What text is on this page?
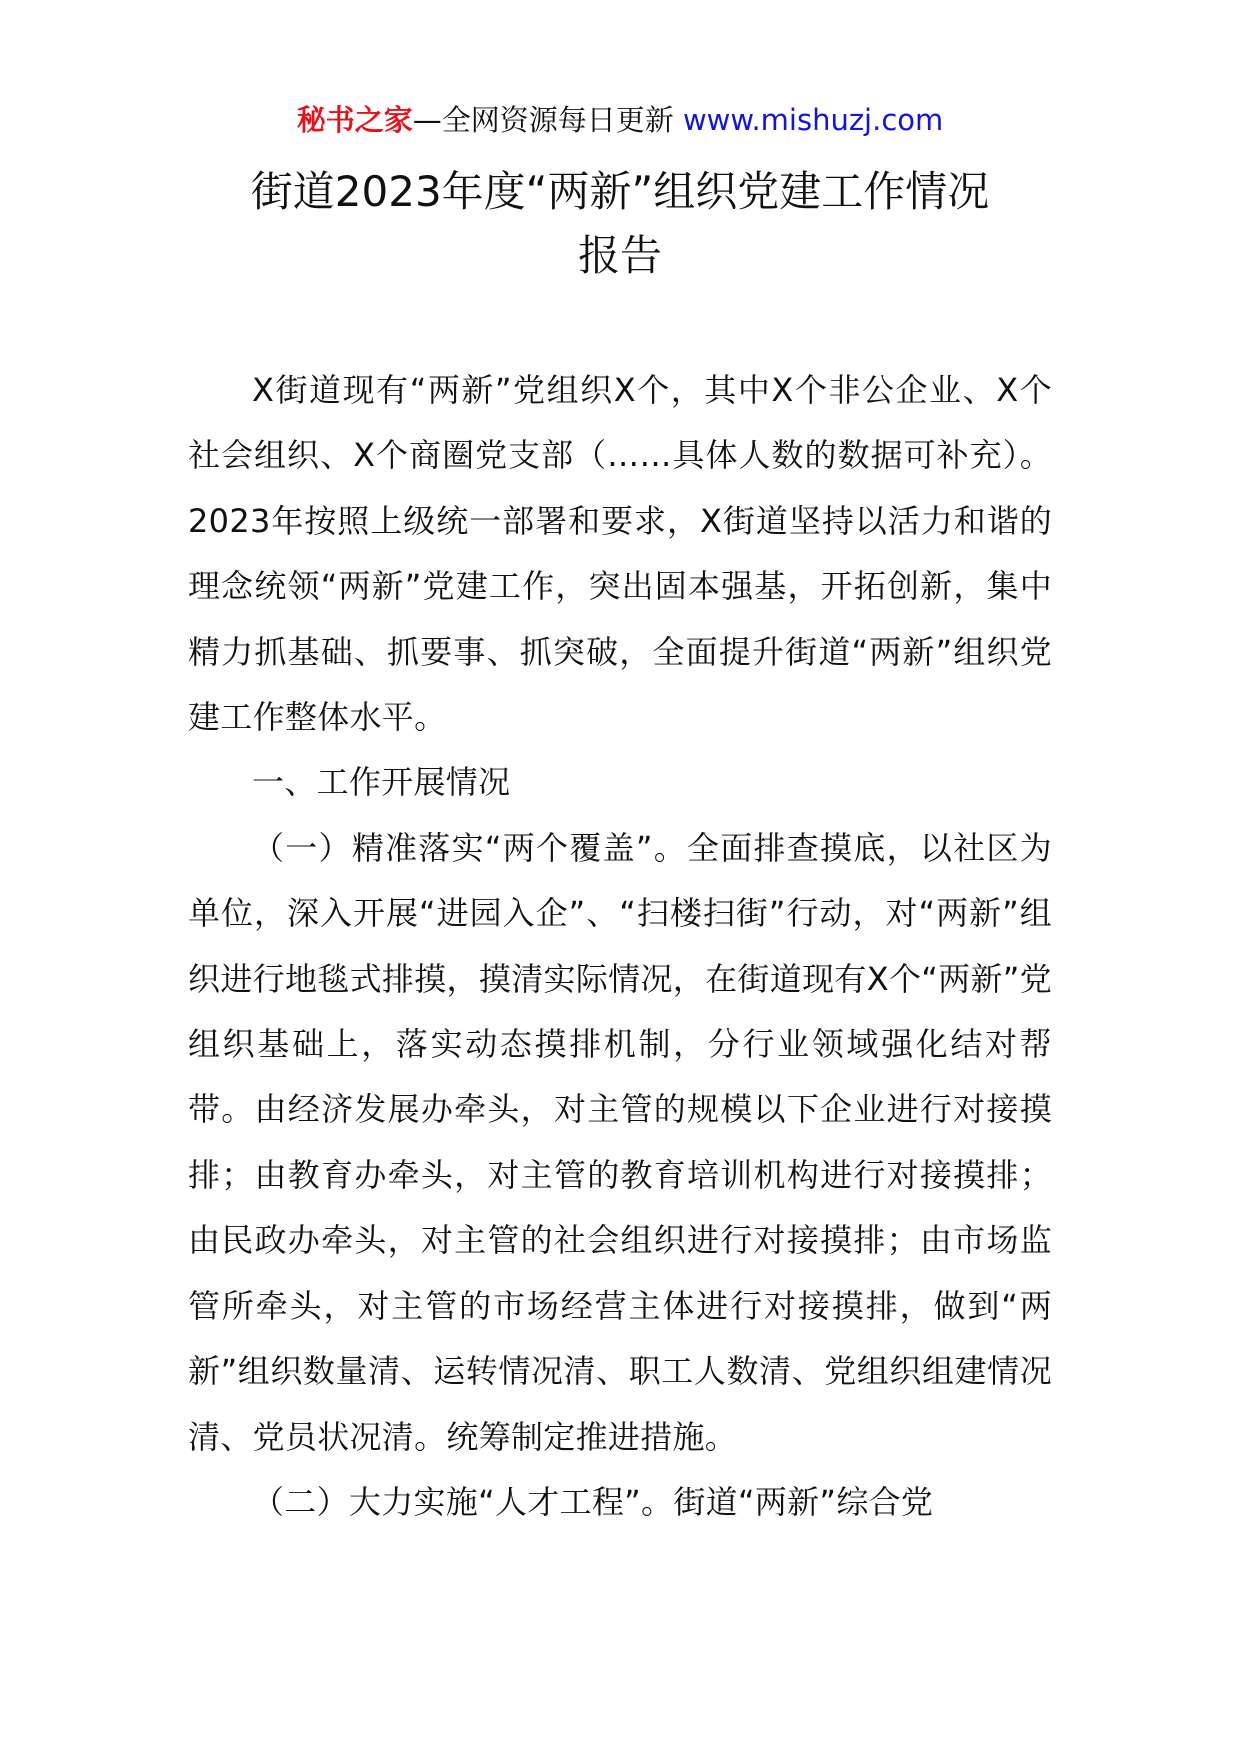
秘书之家—全网资源每日更新 www.mishuzj.com
街道2023年度“两新”组织党建工作情况
报告

X街道现有“两新”党组织X个，其中X个非公企业、X个社会组织、X个商圈党支部（……具体人数的数据可补充）。2023年按照上级统一部署和要求，X街道坚持以活力和谐的理念统领“两新”党建工作，突出固本强基，开拓创新，集中精力抓基础、抓要事、抓突破，全面提升街道“两新”组织党建工作整体水平。

一、工作开展情况

（一）精准落实“两个覆盖”。全面排查摸底，以社区为单位，深入开展“进园入企”、“扫楼扫街”行动，对“两新”组织进行地毯式排摸，摸清实际情况，在街道现有X个“两新”党组织基础上，落实动态摸排机制，分行业领域强化结对帮带。由经济发展办牵头，对主管的规模以下企业进行对接摸排；由教育办牵头，对主管的教育培训机构进行对接摸排；由民政办牵头，对主管的社会组织进行对接摸排；由市场监管所牵头，对主管的市场经营主体进行对接摸排，做到“两新”组织数量清、运转情况清、职工人数清、党组织组建情况清、党员状况清。统筹制定推进措施。

（二）大力实施“人才工程”。街道“两新”综合党
